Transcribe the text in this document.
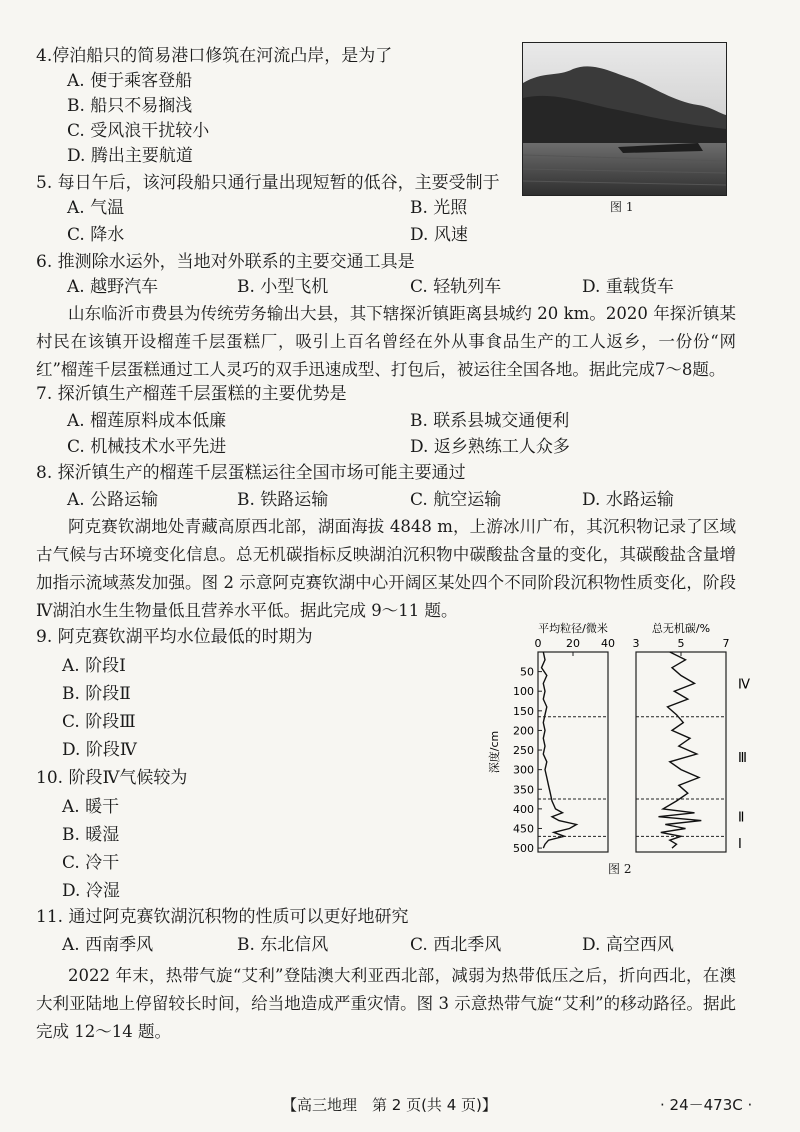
4.停泊船只的简易港口修筑在河流凸岸，是为了
A. 便于乘客登船
B. 船只不易搁浅
C. 受风浪干扰较小
D. 腾出主要航道
图 1
5. 每日午后，该河段船只通行量出现短暂的低谷，主要受制于
A. 气温	B. 光照
C. 降水	D. 风速
6. 推测除水运外，当地对外联系的主要交通工具是
A. 越野汽车	B. 小型飞机	C. 轻轨列车	D. 重载货车
山东临沂市费县为传统劳务输出大县，其下辖探沂镇距离县城约 20 km。2020 年探沂镇某村民在该镇开设榴莲千层蛋糕厂，吸引上百名曾经在外从事食品生产的工人返乡，一份份“网红”榴莲千层蛋糕通过工人灵巧的双手迅速成型、打包后，被运往全国各地。据此完成7～8题。
7. 探沂镇生产榴莲千层蛋糕的主要优势是
A. 榴莲原料成本低廉	B. 联系县城交通便利
C. 机械技术水平先进	D. 返乡熟练工人众多
8. 探沂镇生产的榴莲千层蛋糕运往全国市场可能主要通过
A. 公路运输	B. 铁路运输	C. 航空运输	D. 水路运输
阿克赛钦湖地处青藏高原西北部，湖面海拔 4848 m，上游冰川广布，其沉积物记录了区域古气候与古环境变化信息。总无机碳指标反映湖泊沉积物中碳酸盐含量的变化，其碳酸盐含量增加指示流域蒸发加强。图 2 示意阿克赛钦湖中心开阔区某处四个不同阶段沉积物性质变化，阶段Ⅳ湖泊水生生物量低且营养水平低。据此完成 9～11 题。
9. 阿克赛钦湖平均水位最低的时期为
A. 阶段Ⅰ
B. 阶段Ⅱ
C. 阶段Ⅲ
D. 阶段Ⅳ
10. 阶段Ⅳ气候较为
A. 暖干
B. 暖湿
C. 冷干
D. 冷湿
深度/cm
50
100
150
200
250
300
350
400
450
500
平均粒径/微米
0 20 40
总无机碳/%
3	5	7
Ⅳ
Ⅲ
Ⅱ
Ⅰ
图 2
11. 通过阿克赛钦湖沉积物的性质可以更好地研究
A. 西南季风	B. 东北信风	C. 西北季风	D. 高空西风
2022 年末，热带气旋“艾利”登陆澳大利亚西北部，减弱为热带低压之后，折向西北，在澳大利亚陆地上停留较长时间，给当地造成严重灾情。图 3 示意热带气旋“艾利”的移动路径。据此完成 12～14 题。
【高三地理　第 2 页(共 4 页)】	· 24－473C ·
